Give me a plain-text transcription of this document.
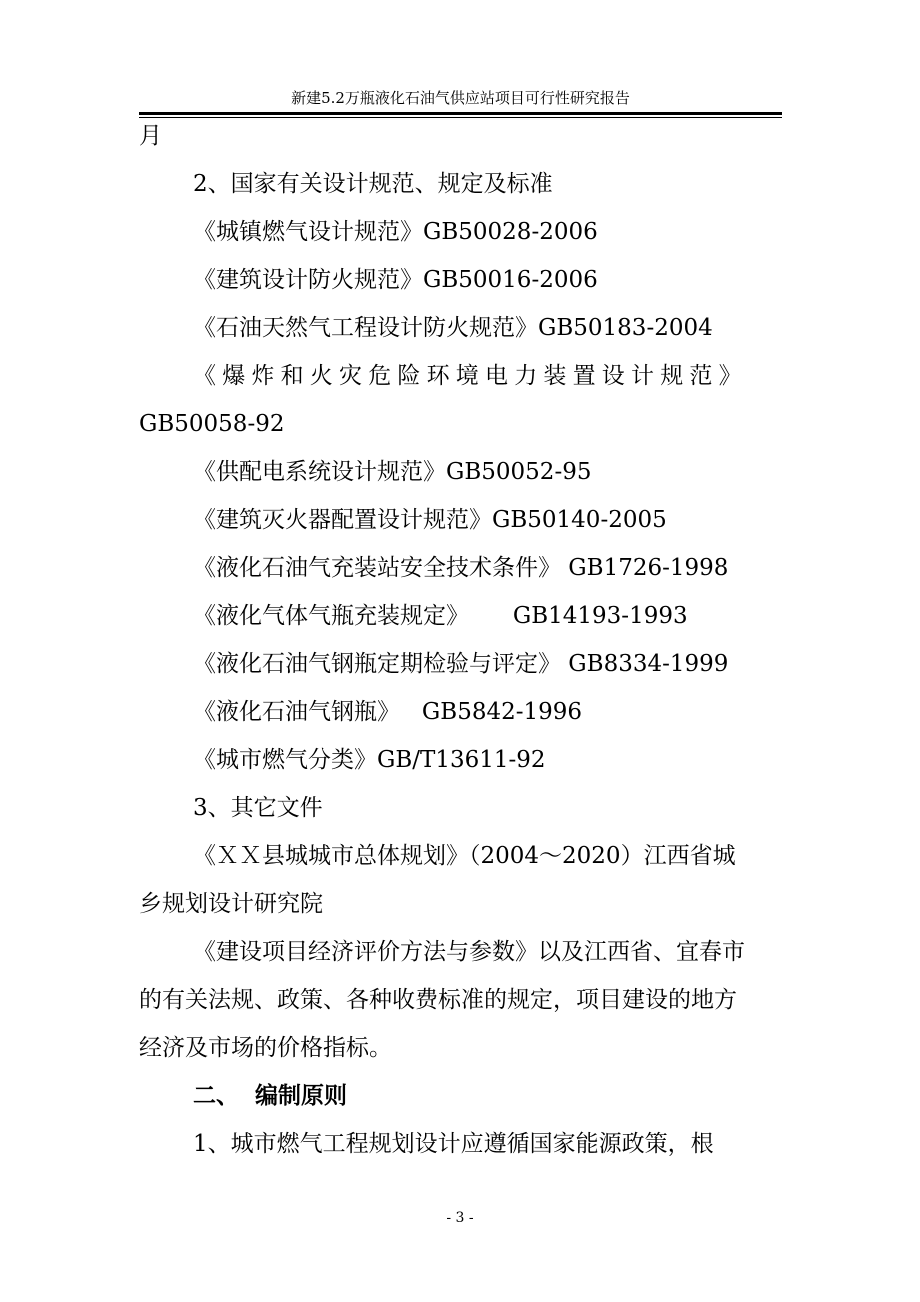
新建5.2万瓶液化石油气供应站项目可行性研究报告
月
2、国家有关设计规范、规定及标准
《城镇燃气设计规范》GB50028-2006
《建筑设计防火规范》GB50016-2006
《石油天然气工程设计防火规范》GB50183-2004
《爆炸和火灾危险环境电力装置设计规范》
GB50058-92
《供配电系统设计规范》GB50052-95
《建筑灭火器配置设计规范》GB50140-2005
《液化石油气充装站安全技术条件》 GB1726-1998
《液化气体气瓶充装规定》      GB14193-1993
《液化石油气钢瓶定期检验与评定》 GB8334-1999
《液化石油气钢瓶》   GB5842-1996
《城市燃气分类》GB/T13611-92
3、其它文件
《ＸＸ县城城市总体规划》（2004～2020）江西省城
乡规划设计研究院
《建设项目经济评价方法与参数》以及江西省、宜春市
的有关法规、政策、各种收费标准的规定，项目建设的地方
经济及市场的价格指标。
二、  编制原则
1、城市燃气工程规划设计应遵循国家能源政策，根
- 3 -
